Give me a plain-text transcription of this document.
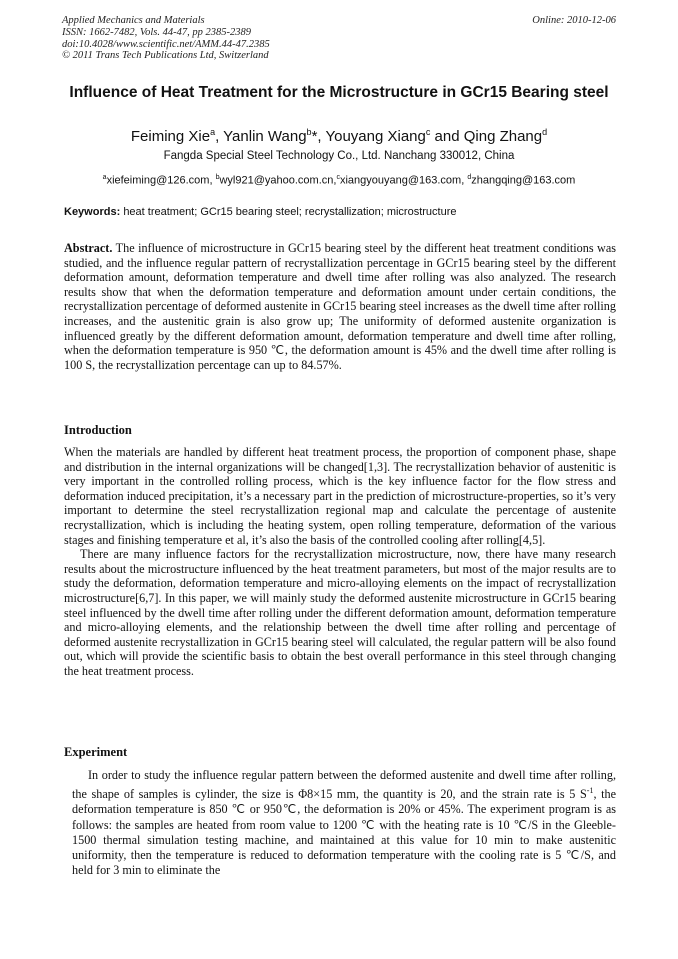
Applied Mechanics and Materials
ISSN: 1662-7482, Vols. 44-47, pp 2385-2389
doi:10.4028/www.scientific.net/AMM.44-47.2385
© 2011 Trans Tech Publications Ltd, Switzerland
Online: 2010-12-06
Influence of Heat Treatment for the Microstructure in GCr15 Bearing steel
Feiming Xie$^a$, Yanlin Wang$^b$*, Youyang Xiang$^c$ and Qing Zhang$^d$
Fangda Special Steel Technology Co., Ltd. Nanchang 330012, China
$^a$xiefeiming@126.com, $^b$wyl921@yahoo.com.cn,$^c$xiangyouyang@163.com, $^d$zhangqing@163.com
Keywords: heat treatment; GCr15 bearing steel; recrystallization; microstructure
Abstract. The influence of microstructure in GCr15 bearing steel by the different heat treatment conditions was studied, and the influence regular pattern of recrystallization percentage in GCr15 bearing steel by the different deformation amount, deformation temperature and dwell time after rolling was also analyzed. The research results show that when the deformation temperature and deformation amount under certain conditions, the recrystallization percentage of deformed austenite in GCr15 bearing steel increases as the dwell time after rolling increases, and the austenitic grain is also grow up; The uniformity of deformed austenite organization is influenced greatly by the different deformation amount, deformation temperature and dwell time after rolling, when the deformation temperature is 950 ℃, the deformation amount is 45% and the dwell time after rolling is 100 S, the recrystallization percentage can up to 84.57%.
Introduction

When the materials are handled by different heat treatment process, the proportion of component phase, shape and distribution in the internal organizations will be changed[1,3]. The recrystallization behavior of austenitic is very important in the controlled rolling process, which is the key influence factor for the flow stress and deformation induced precipitation, it’s a necessary part in the prediction of microstructure-properties, so it’s very important to determine the steel recrystallization regional map and calculate the percentage of austenite recrystallization, which is including the heating system, open rolling temperature, deformation of the various stages and finishing temperature et al, it’s also the basis of the controlled cooling after rolling[4,5].

There are many influence factors for the recrystallization microstructure, now, there have many research results about the microstructure influenced by the heat treatment parameters, but most of the major results are to study the deformation, deformation temperature and micro-alloying elements on the impact of recrystallization microstructure[6,7]. In this paper, we will mainly study the deformed austenite microstructure in GCr15 bearing steel influenced by the dwell time after rolling under the different deformation amount, deformation temperature and micro-alloying elements, and the relationship between the dwell time after rolling and percentage of deformed austenite recrystallization in GCr15 bearing steel will calculated, the regular pattern will be also found out, which will provide the scientific basis to obtain the best overall performance in this steel through changing the heat treatment process.

Experiment

In order to study the influence regular pattern between the deformed austenite and dwell time after rolling, the shape of samples is cylinder, the size is Φ8×15 mm, the quantity is 20, and the strain rate is 5 $S^{-1}$, the deformation temperature is 850 ℃ or 950℃, the deformation is 20% or 45%. The experiment program is as follows: the samples are heated from room value to 1200 ℃ with the heating rate is 10 ℃/S in the Gleeble-1500 thermal simulation testing machine, and maintained at this value for 10 min to make austenitic uniformity, then the temperature is reduced to deformation temperature with the cooling rate is 5 ℃/S, and held for 3 min to eliminate the
